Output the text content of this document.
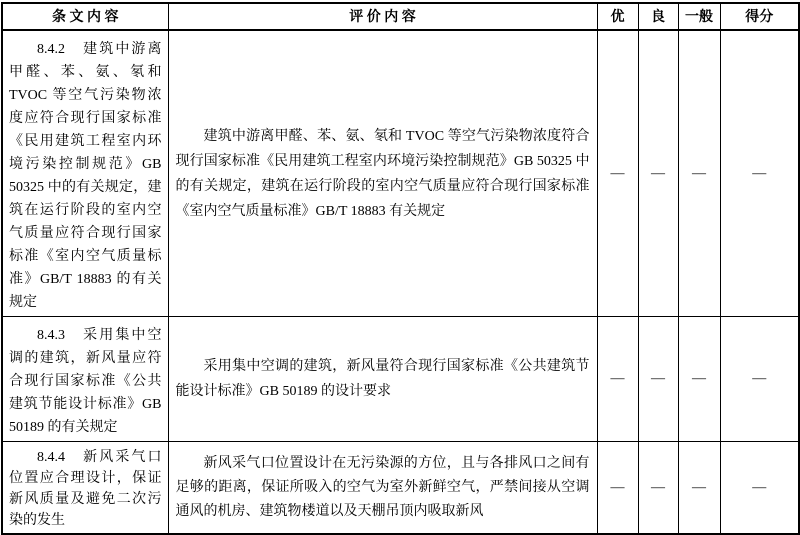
条 文 内 容	评 价 内 容	优	良	一般	得分

8.4.2　建筑中游离甲醛、苯、氨、氡和 TVOC 等空气污染物浓度应符合现行国家标准《民用建筑工程室内环境污染控制规范》GB 50325 中的有关规定，建筑在运行阶段的室内空气质量应符合现行国家标准《室内空气质量标准》GB/T 18883 的有关规定	建筑中游离甲醛、苯、氨、氡和 TVOC 等空气污染物浓度符合现行国家标准《民用建筑工程室内环境污染控制规范》GB 50325 中的有关规定，建筑在运行阶段的室内空气质量应符合现行国家标准《室内空气质量标准》GB/T 18883 有关规定	—	—	—	—

8.4.3　采用集中空调的建筑，新风量应符合现行国家标准《公共建筑节能设计标准》GB 50189 的有关规定	采用集中空调的建筑，新风量符合现行国家标准《公共建筑节能设计标准》GB 50189 的设计要求	—	—	—	—

8.4.4　新风采气口位置应合理设计，保证新风质量及避免二次污染的发生	新风采气口位置设计在无污染源的方位，且与各排风口之间有足够的距离，保证所吸入的空气为室外新鲜空气，严禁间接从空调通风的机房、建筑物楼道以及天棚吊顶内吸取新风	—	—	—	—
